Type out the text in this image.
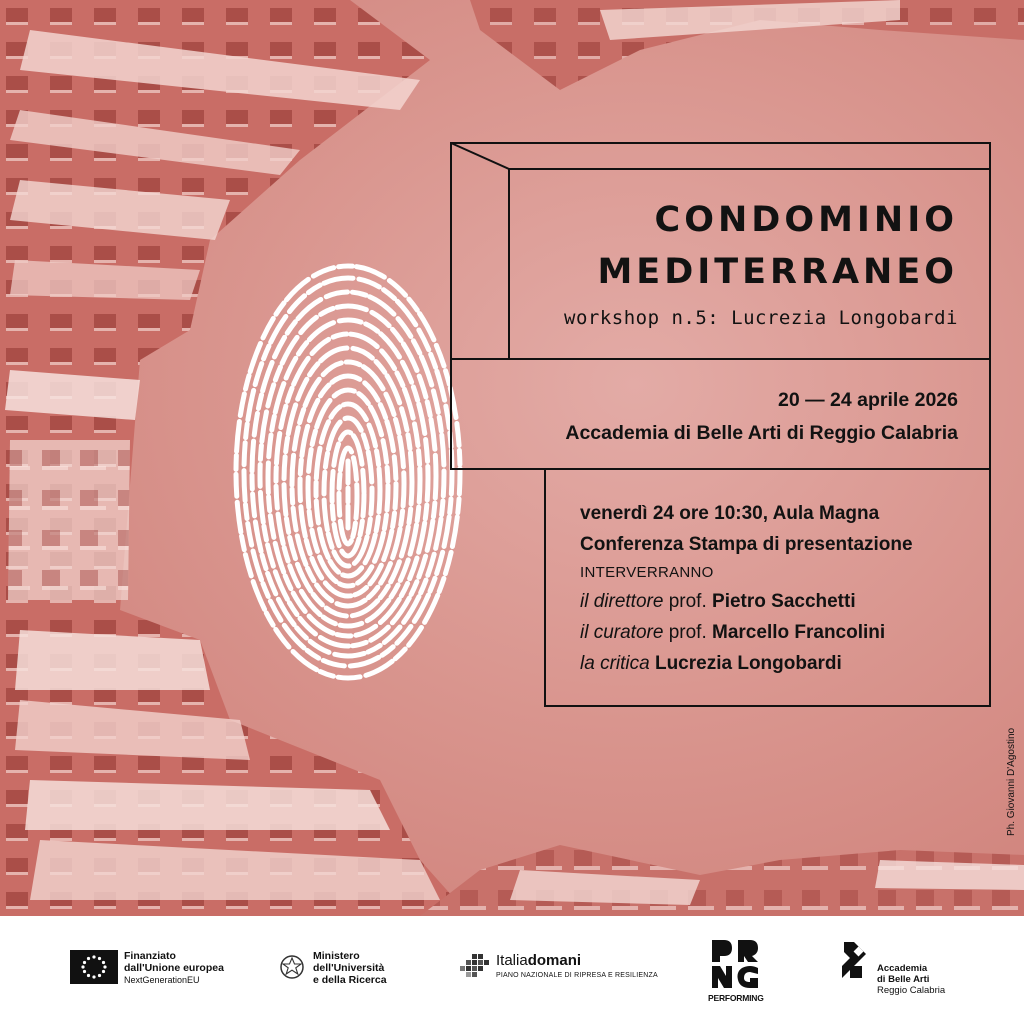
CONDOMINIO
MEDITERRANEO
workshop n.5: Lucrezia Longobardi
20 — 24 aprile 2026
Accademia di Belle Arti di Reggio Calabria
venerdì 24 ore 10:30, Aula Magna
Conferenza Stampa di presentazione
INTERVERRANNO
il direttore prof. Pietro Sacchetti
il curatore prof. Marcello Francolini
la critica Lucrezia Longobardi
Ph. Giovanni D'Agostino
Finanziato
dall'Unione europea
NextGenerationEU
Ministero
dell'Università
e della Ricerca
Italiadomani
PIANO NAZIONALE DI RIPRESA E RESILIENZA
PERFORMING
Accademia
di Belle Arti
Reggio Calabria
